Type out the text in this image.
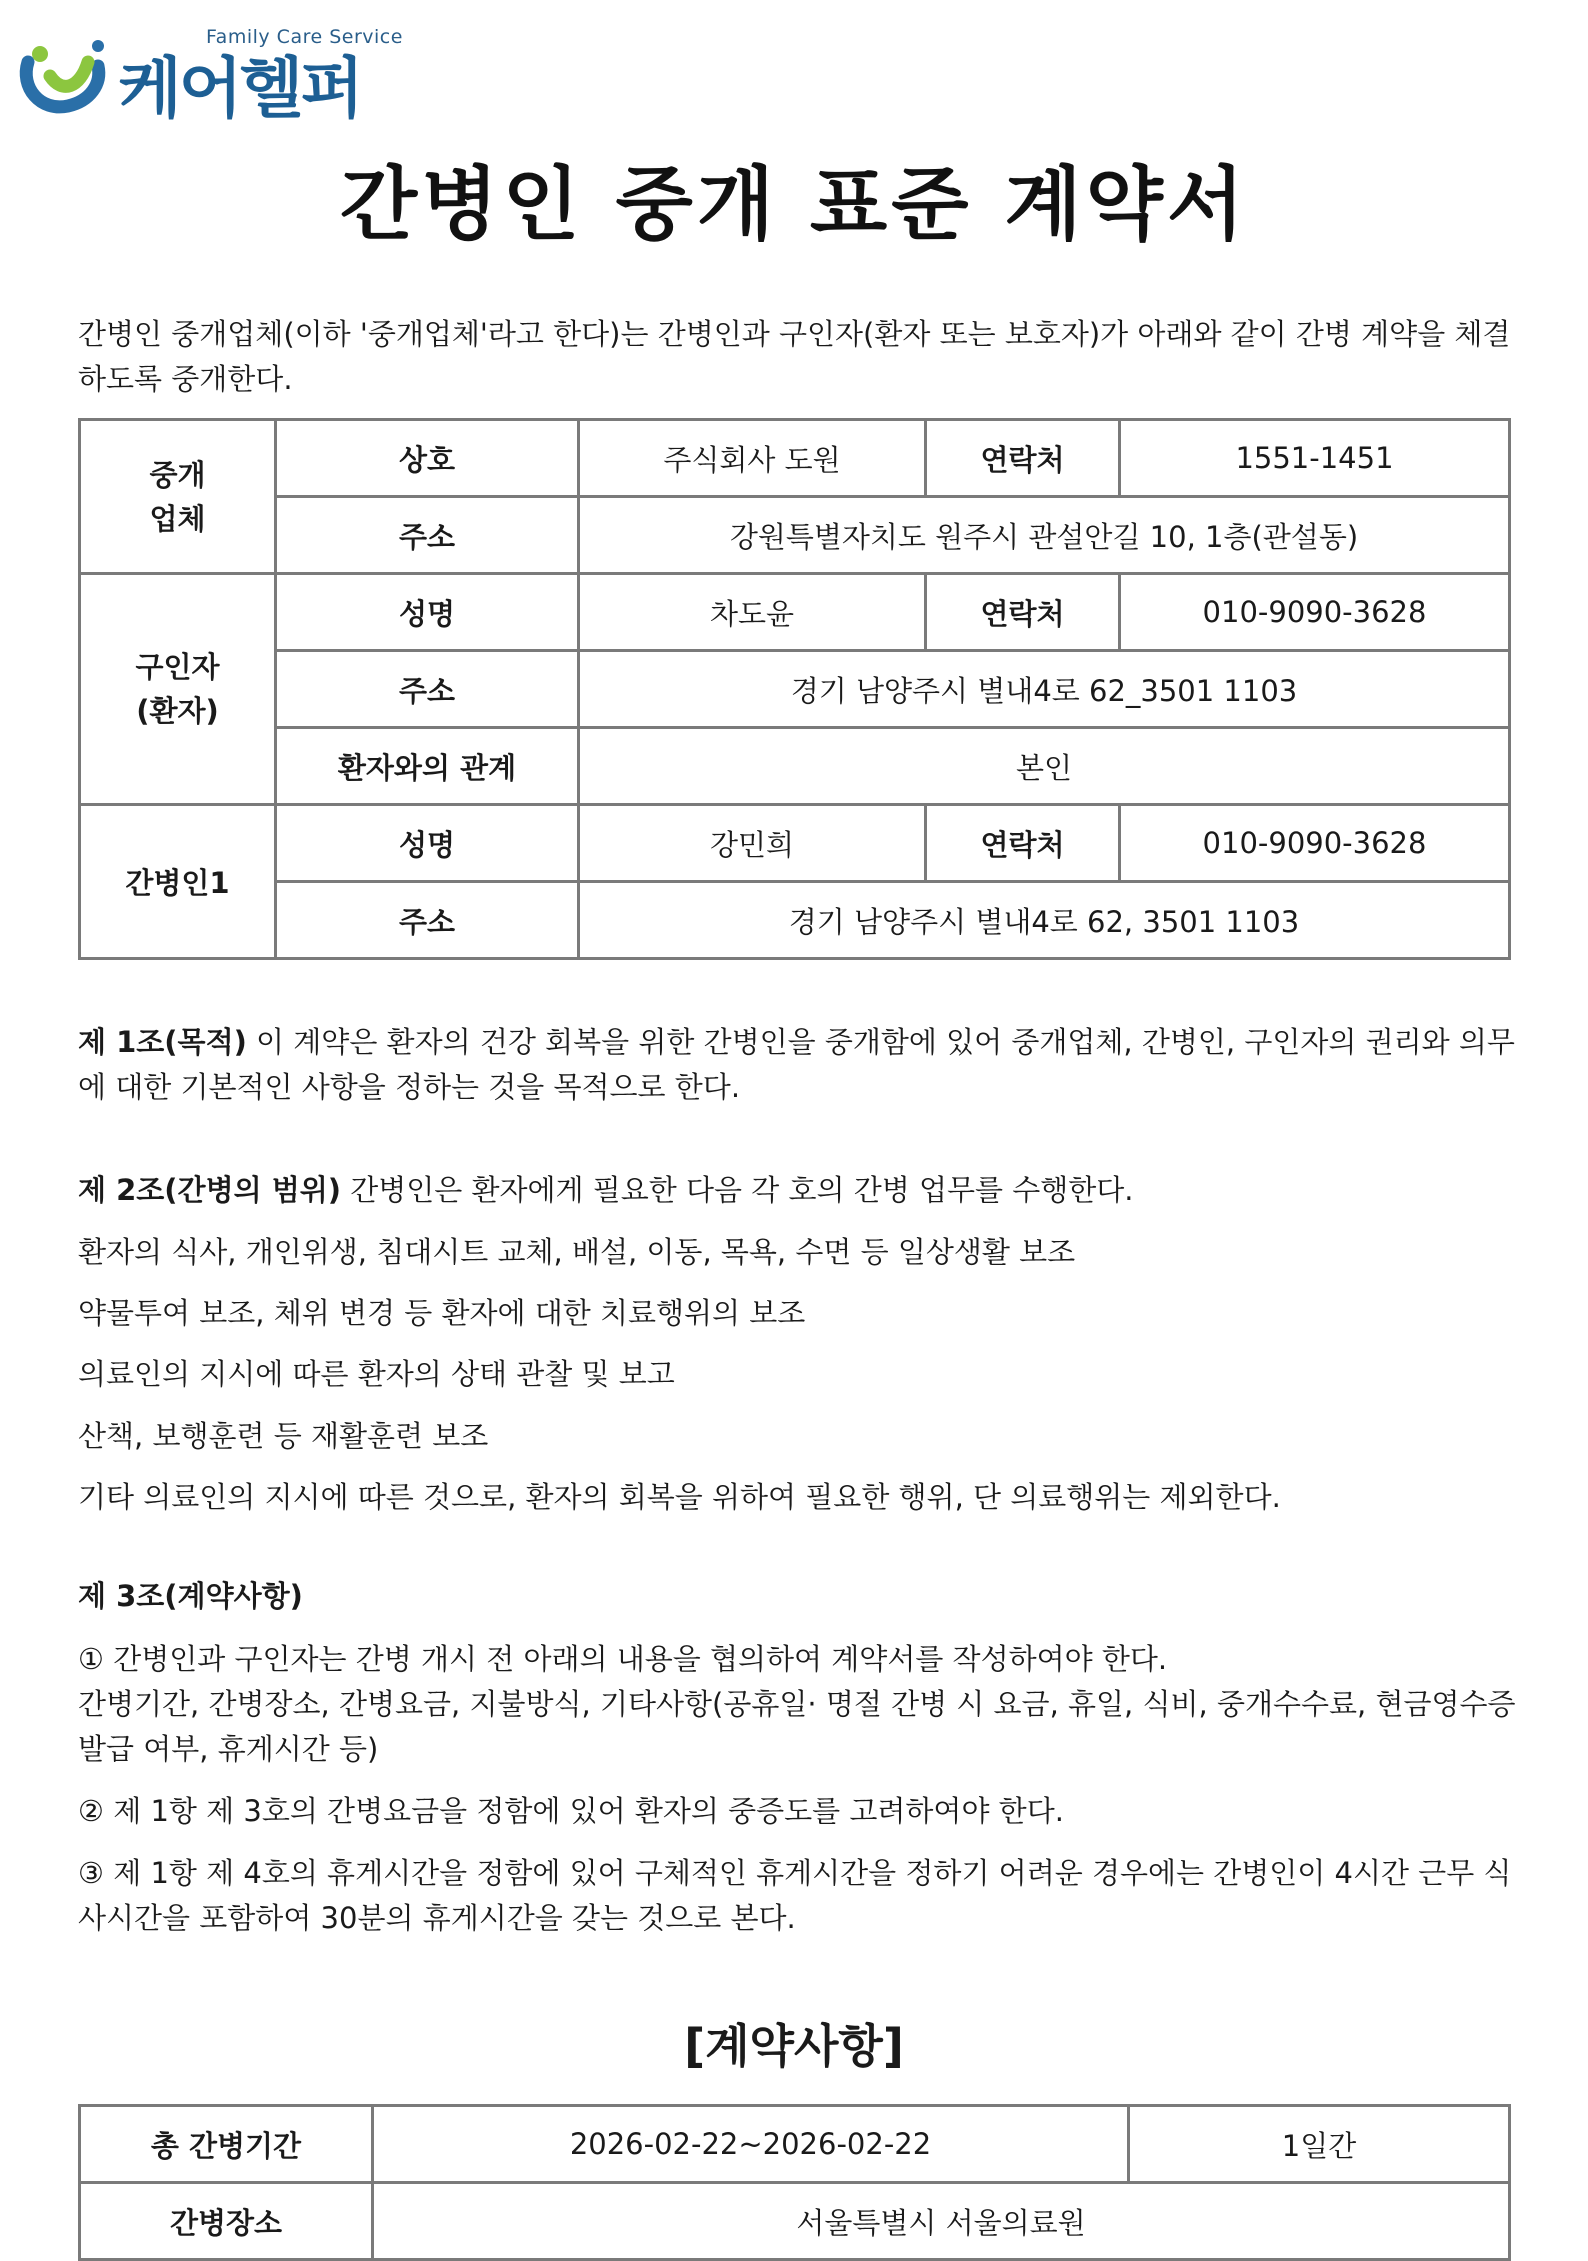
Family Care Service
케어헬퍼
간병인 중개 표준 계약서
간병인 중개업체(이하 '중개업체'라고 한다)는 간병인과 구인자(환자 또는 보호자)가 아래와 같이 간병 계약을 체결하도록 중개한다.
중개
업체	상호	주식회사 도원	연락처	1551-1451
	주소	강원특별자치도 원주시 관설안길 10, 1층(관설동)		
구인자
(환자)	성명	차도윤	연락처	010-9090-3628
	주소	경기 남양주시 별내4로 62_3501 1103		
	환자와의 관계	본인		
간병인1	성명	강민희	연락처	010-9090-3628
	주소	경기 남양주시 별내4로 62, 3501 1103		
제 1조(목적) 이 계약은 환자의 건강 회복을 위한 간병인을 중개함에 있어 중개업체, 간병인, 구인자의 권리와 의무에 대한 기본적인 사항을 정하는 것을 목적으로 한다.
제 2조(간병의 범위) 간병인은 환자에게 필요한 다음 각 호의 간병 업무를 수행한다.
환자의 식사, 개인위생, 침대시트 교체, 배설, 이동, 목욕, 수면 등 일상생활 보조
약물투여 보조, 체위 변경 등 환자에 대한 치료행위의 보조
의료인의 지시에 따른 환자의 상태 관찰 및 보고
산책, 보행훈련 등 재활훈련 보조
기타 의료인의 지시에 따른 것으로, 환자의 회복을 위하여 필요한 행위, 단 의료행위는 제외한다.
제 3조(계약사항)
① 간병인과 구인자는 간병 개시 전 아래의 내용을 협의하여 계약서를 작성하여야 한다.
간병기간, 간병장소, 간병요금, 지불방식, 기타사항(공휴일· 명절 간병 시 요금, 휴일, 식비, 중개수수료, 현금영수증 발급 여부, 휴게시간 등)
② 제 1항 제 3호의 간병요금을 정함에 있어 환자의 중증도를 고려하여야 한다.
③ 제 1항 제 4호의 휴게시간을 정함에 있어 구체적인 휴게시간을 정하기 어려운 경우에는 간병인이 4시간 근무 식사시간을 포함하여 30분의 휴게시간을 갖는 것으로 본다.
[계약사항]
총 간병기간	2026-02-22~2026-02-22	1일간
간병장소	서울특별시 서울의료원	
